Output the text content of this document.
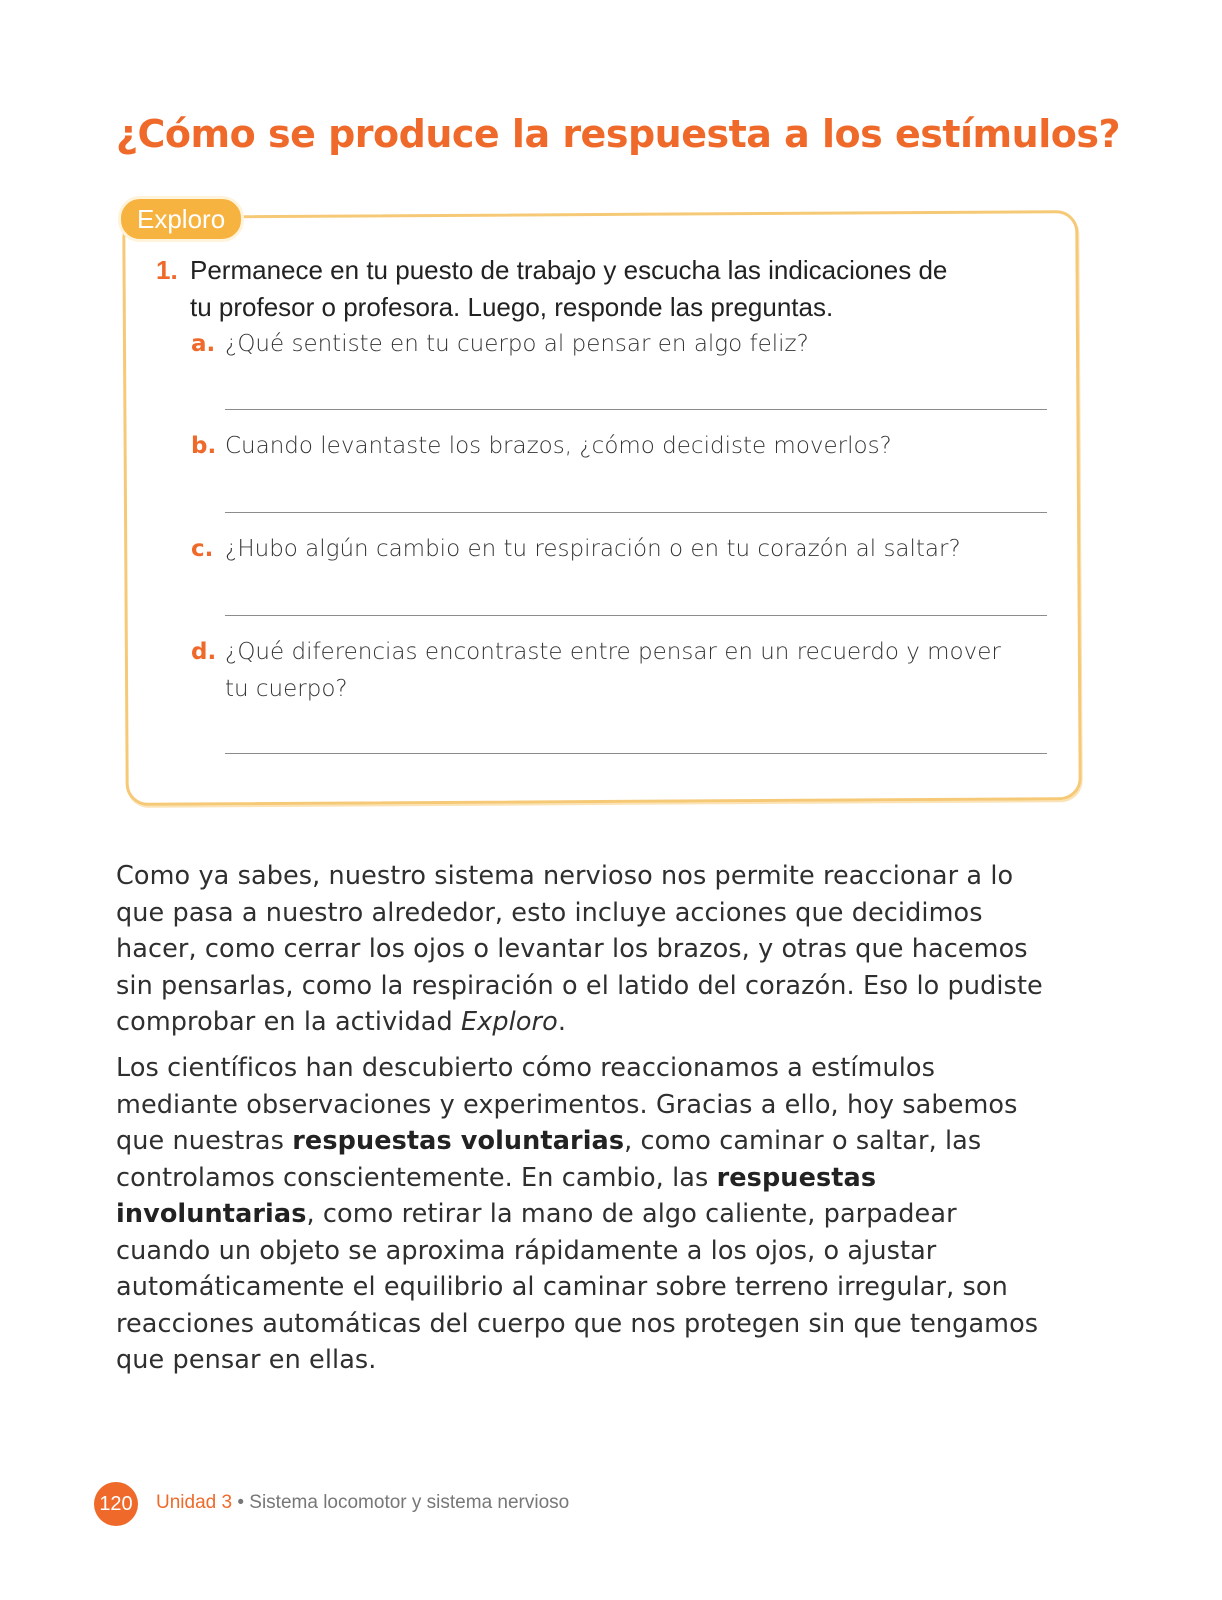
¿Cómo se produce la respuesta a los estímulos?
Exploro
1. Permanece en tu puesto de trabajo y escucha las indicaciones de
tu profesor o profesora. Luego, responde las preguntas.
a. ¿Qué sentiste en tu cuerpo al pensar en algo feliz?
b. Cuando levantaste los brazos, ¿cómo decidiste moverlos?
c. ¿Hubo algún cambio en tu respiración o en tu corazón al saltar?
d. ¿Qué diferencias encontraste entre pensar en un recuerdo y mover
tu cuerpo?

Como ya sabes, nuestro sistema nervioso nos permite reaccionar a lo que pasa a nuestro alrededor, esto incluye acciones que decidimos hacer, como cerrar los ojos o levantar los brazos, y otras que hacemos sin pensarlas, como la respiración o el latido del corazón. Eso lo pudiste comprobar en la actividad Exploro.

Los científicos han descubierto cómo reaccionamos a estímulos mediante observaciones y experimentos. Gracias a ello, hoy sabemos que nuestras respuestas voluntarias, como caminar o saltar, las controlamos conscientemente. En cambio, las respuestas involuntarias, como retirar la mano de algo caliente, parpadear cuando un objeto se aproxima rápidamente a los ojos, o ajustar automáticamente el equilibrio al caminar sobre terreno irregular, son reacciones automáticas del cuerpo que nos protegen sin que tengamos que pensar en ellas.

120 Unidad 3 • Sistema locomotor y sistema nervioso
